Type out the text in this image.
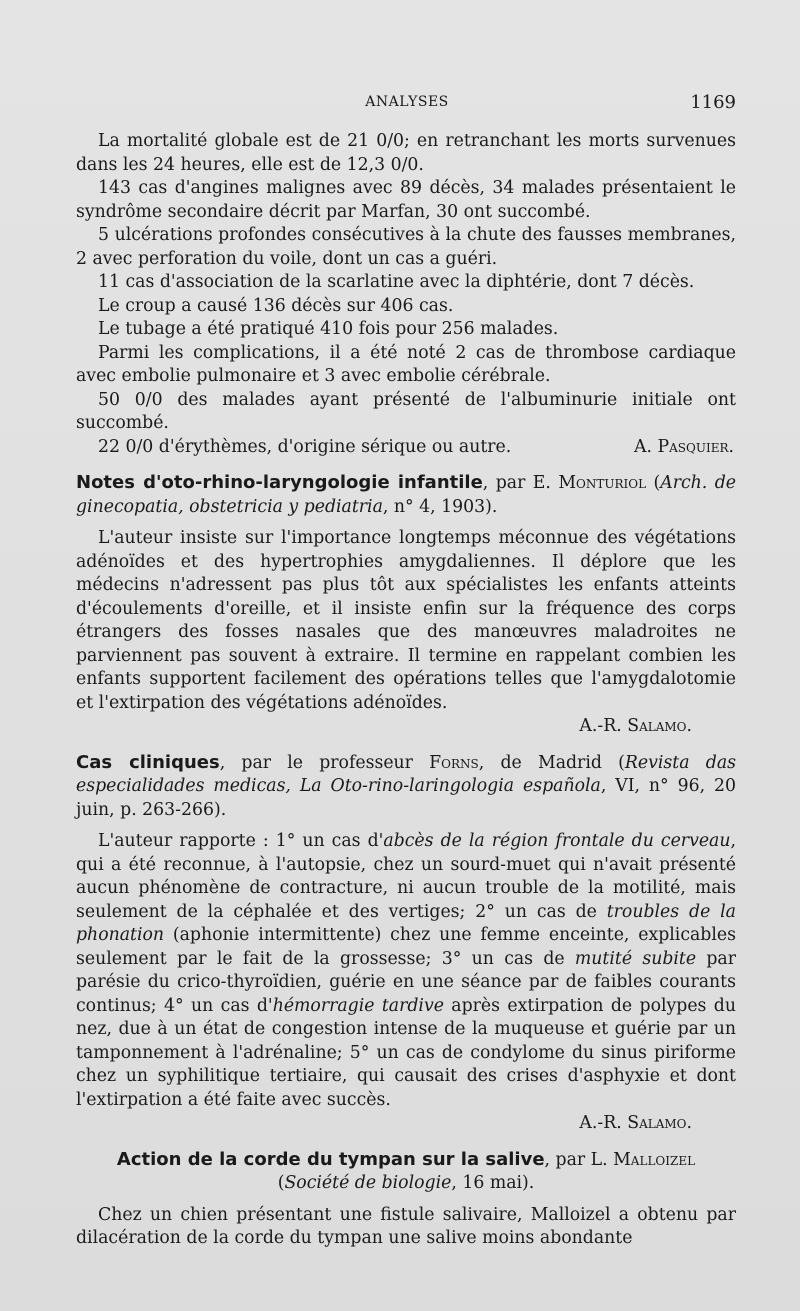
ANALYSES	1169

La mortalité globale est de 21 0/0; en retranchant les morts survenues dans les 24 heures, elle est de 12,3 0/0.

143 cas d'angines malignes avec 89 décès, 34 malades présentaient le syndrôme secondaire décrit par Marfan, 30 ont succombé.

5 ulcérations profondes consécutives à la chute des fausses membranes, 2 avec perforation du voile, dont un cas a guéri.

11 cas d'association de la scarlatine avec la diphtérie, dont 7 décès.

Le croup a causé 136 décès sur 406 cas.

Le tubage a été pratiqué 410 fois pour 256 malades.

Parmi les complications, il a été noté 2 cas de thrombose cardiaque avec embolie pulmonaire et 3 avec embolie cérébrale.

50 0/0 des malades ayant présenté de l'albuminurie initiale ont succombé.

22 0/0 d'érythèmes, d'origine sérique ou autre.	A. Pasquier.

Notes d'oto-rhino-laryngologie infantile, par E. Monturiol (Arch. de ginecopatia, obstetricia y pediatria, n° 4, 1903).

L'auteur insiste sur l'importance longtemps méconnue des végétations adénoïdes et des hypertrophies amygdaliennes. Il déplore que les médecins n'adressent pas plus tôt aux spécialistes les enfants atteints d'écoulements d'oreille, et il insiste enfin sur la fréquence des corps étrangers des fosses nasales que des manœuvres maladroites ne parviennent pas souvent à extraire. Il termine en rappelant combien les enfants supportent facilement des opérations telles que l'amygdalotomie et l'extirpation des végétations adénoïdes.

A.-R. Salamo.

Cas cliniques, par le professeur Forns, de Madrid (Revista das especialidades medicas, La Oto-rino-laringologia española, VI, n° 96, 20 juin, p. 263-266).

L'auteur rapporte : 1° un cas d'abcès de la région frontale du cerveau, qui a été reconnue, à l'autopsie, chez un sourd-muet qui n'avait présenté aucun phénomène de contracture, ni aucun trouble de la motilité, mais seulement de la céphalée et des vertiges; 2° un cas de troubles de la phonation (aphonie intermittente) chez une femme enceinte, explicables seulement par le fait de la grossesse; 3° un cas de mutité subite par parésie du crico-thyroïdien, guérie en une séance par de faibles courants continus; 4° un cas d'hémorragie tardive après extirpation de polypes du nez, due à un état de congestion intense de la muqueuse et guérie par un tamponnement à l'adrénaline; 5° un cas de condylome du sinus piriforme chez un syphilitique tertiaire, qui causait des crises d'asphyxie et dont l'extirpation a été faite avec succès.

A.-R. Salamo.

Action de la corde du tympan sur la salive, par L. Malloizel
(Société de biologie, 16 mai).

Chez un chien présentant une fistule salivaire, Malloizel a obtenu par dilacération de la corde du tympan une salive moins abondante
